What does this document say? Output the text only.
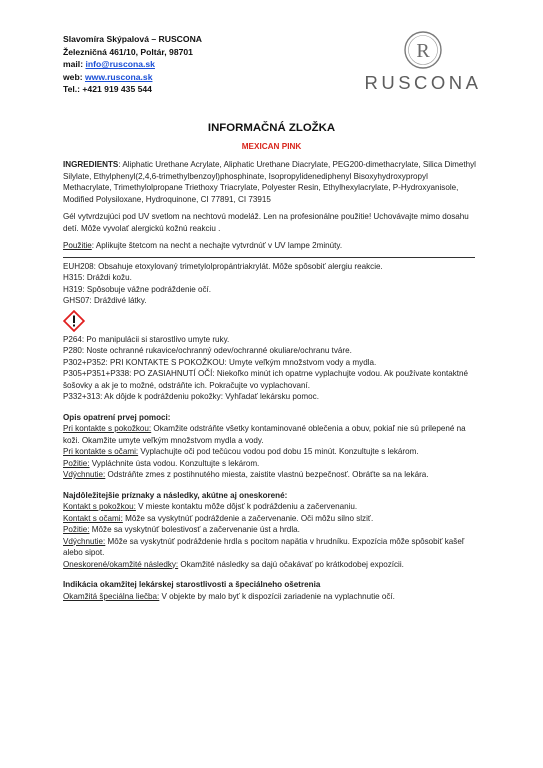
Slavomíra Skýpalová – RUSCONA
Železničná 461/10, Poltár, 98701
mail: info@ruscona.sk
web: www.ruscona.sk
Tel.: +421 919 435 544
R
RUSCONA
INFORMAČNÁ ZLOŽKA
MEXICAN PINK

INGREDIENTS: Aliphatic Urethane Acrylate, Aliphatic Urethane Diacrylate, PEG200-dimethacrylate, Silica Dimethyl Silylate, Ethylphenyl(2,4,6-trimethylbenzoyl)phosphinate, Isopropylidenediphenyl Bisoxyhydroxypropyl Methacrylate, Trimethylolpropane Triethoxy Triacrylate, Polyester Resin, Ethylhexylacrylate, P-Hydroxyanisole, Modified Polysiloxane, Hydroquinone, CI 77891, CI 73915

Gél vytvrdzujúci pod UV svetlom na nechtovú modeláž. Len na profesionálne použitie! Uchovávajte mimo dosahu detí. Môže vyvolať alergickú kožnú reakciu .

Použitie: Aplikujte štetcom na necht a nechajte vytvrdnúť v UV lampe 2minúty.

EUH208: Obsahuje etoxylovaný trimetylolpropántriakrylát. Môže spôsobiť alergiu reakcie.

H315: Dráždi kožu.

H319: Spôsobuje vážne podráždenie očí.

GHS07: Dráždivé látky.

P264: Po manipulácii si starostlivo umyte ruky.

P280: Noste ochranné rukavice/ochranný odev/ochranné okuliare/ochranu tváre.

P302+P352: PRI KONTAKTE S POKOŽKOU: Umyte veľkým množstvom vody a mydla.

P305+P351+P338: PO ZASIAHNUTÍ OČÍ: Niekoľko minút ich opatrne vyplachujte vodou. Ak používate kontaktné šošovky a ak je to možné, odstráňte ich. Pokračujte vo vyplachovaní.

P332+313: Ak dôjde k podráždeniu pokožky: Vyhľadať lekársku pomoc.

Opis opatrení prvej pomoci:

Pri kontakte s pokožkou: Okamžite odstráňte všetky kontaminované oblečenia a obuv, pokiaľ nie sú prilepené na koži. Okamžite umyte veľkým množstvom mydla a vody.

Pri kontakte s očami: Vyplachujte oči pod tečúcou vodou pod dobu 15 minút. Konzultujte s lekárom.

Požitie: Vypláchnite ústa vodou. Konzultujte s lekárom.

Vdýchnutie: Odstráňte zmes z postihnutého miesta, zaistite vlastnú bezpečnosť. Obráťte sa na lekára.

Najdôležitejšie príznaky a následky, akútne aj oneskorené:

Kontakt s pokožkou: V mieste kontaktu môže dôjsť k podráždeniu a začervenaniu.

Kontakt s očami: Môže sa vyskytnúť podráždenie a začervenanie. Oči môžu silno slziť.

Požitie: Môže sa vyskytnúť bolestivosť a začervenanie úst a hrdla.

Vdýchnutie: Môže sa vyskytnúť podráždenie hrdla s pocitom napätia v hrudníku. Expozícia môže spôsobiť kašeľ alebo sipot.

Oneskorené/okamžité následky: Okamžité následky sa dajú očakávať po krátkodobej expozícii.

Indikácia okamžitej lekárskej starostlivosti a špeciálneho ošetrenia

Okamžitá špeciálna liečba: V objekte by malo byť k dispozícii zariadenie na vyplachnutie očí.
